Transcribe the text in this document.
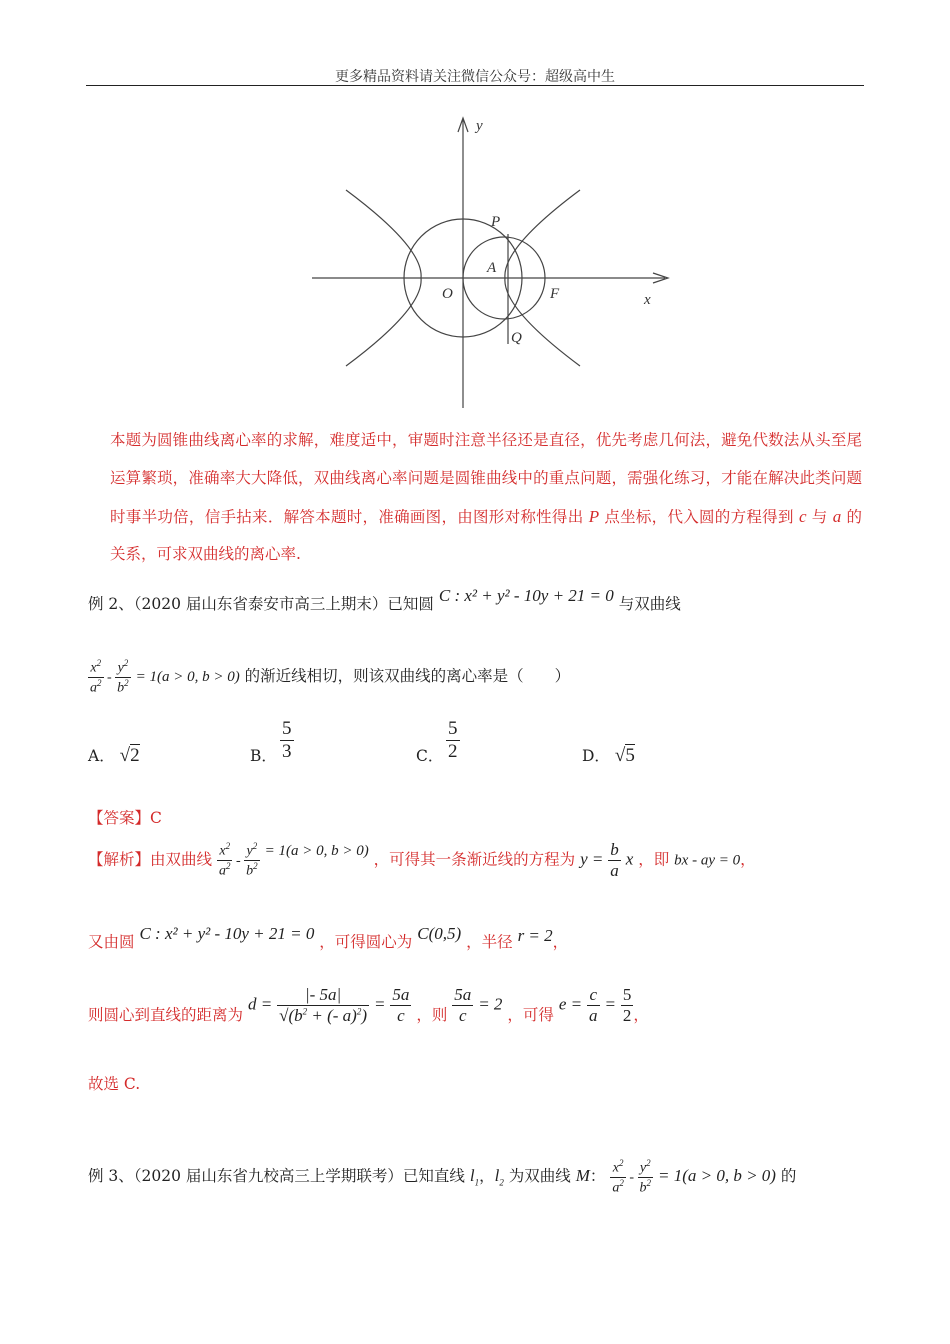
更多精品资料请关注微信公众号：超级高中生
y
x
P
A
O	F
Q
本题为圆锥曲线离心率的求解，难度适中，审题时注意半径还是直径，优先考虑几何法，避免代数法从头至尾运算繁琐，准确率大大降低，双曲线离心率问题是圆锥曲线中的重点问题，需强化练习，才能在解决此类问题时事半功倍，信手拈来．解答本题时，准确画图，由图形对称性得出 P 点坐标，代入圆的方程得到 c 与 a 的关系，可求双曲线的离心率.
例 2、（2020 届山东省泰安市高三上期末）已知圆 C : x² + y² - 10y + 21 = 0 与双曲线
$\frac{x^2}{a^2} - \frac{y^2}{b^2} = 1(a > 0$, b > 0) 的渐近线相切，则该双曲线的离心率是（　　）
A． √2	B． $\frac{5}{3}$	C． $\frac{5}{2}$	D． √5
【答案】C
【解析】由双曲线 $\frac{x^2}{a^2} - \frac{y^2}{b^2} = 1(a > 0$, b > 0) ，可得其一条渐近线的方程为 $y = \frac{b}{a}$ x ，即 bx - ay = 0，
又由圆 C : x² + y² - 10y + 21 = 0 ，可得圆心为 C(0,5) ，半径 r = 2，
则圆心到直线的距离为 $d = \frac{|- 5a|}{√(b^2 + (- a)^2)} = \frac{5a}{c}$ ，则 $\frac{5a}{c} = 2$ ，可得 $e = \frac{c}{a} = \frac{5}{2}$ ，
故选 C.
例 3、（2020 届山东省九校高三上学期联考）已知直线 $l_1$，$l_2$ 为双曲线 M： $\frac{x^2}{a^2} - \frac{y^2}{b^2} = 1(a > 0$, b > 0) 的
